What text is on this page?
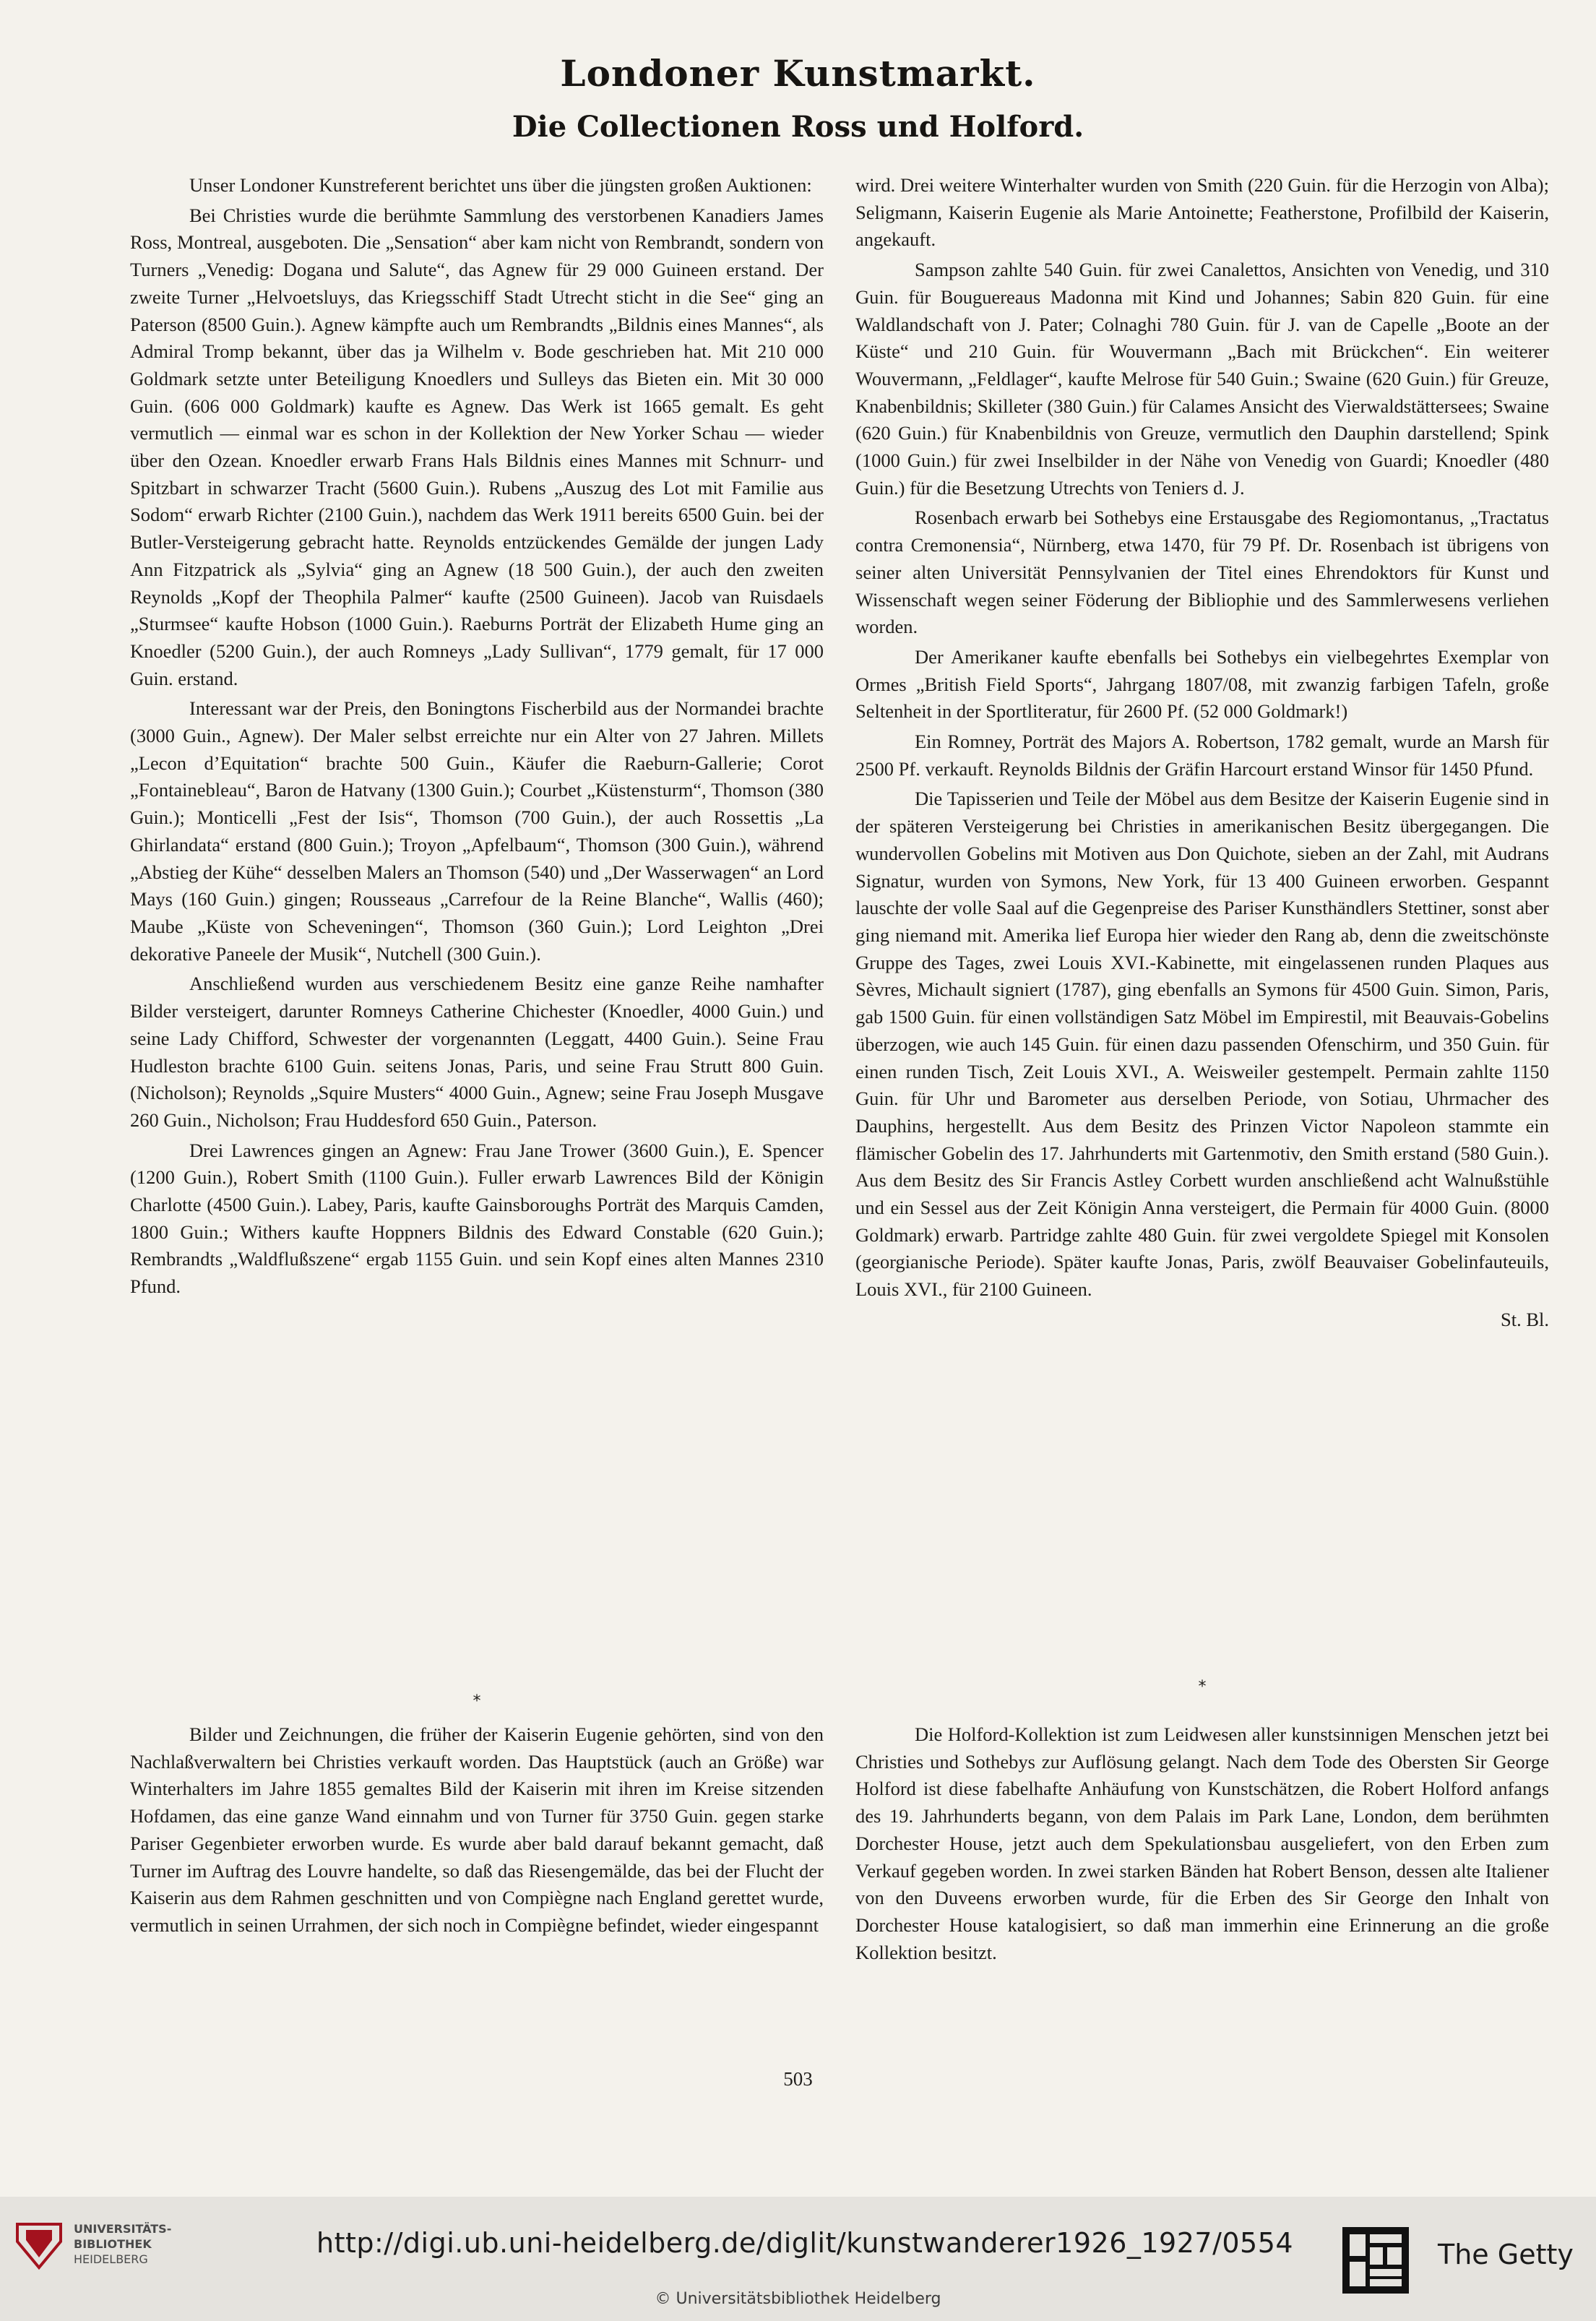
Londoner Kunstmarkt.
Die Collectionen Ross und Holford.

Unser Londoner Kunstreferent berichtet uns über die jüngsten großen Auktionen:

Bei Christies wurde die berühmte Sammlung des verstorbenen Kanadiers James Ross, Montreal, ausgeboten. Die „Sensation“ aber kam nicht von Rembrandt, sondern von Turners „Venedig: Dogana und Salute“, das Agnew für 29 000 Guineen erstand. Der zweite Turner „Helvoetsluys, das Kriegsschiff Stadt Utrecht sticht in die See“ ging an Paterson (8500 Guin.). Agnew kämpfte auch um Rembrandts „Bildnis eines Mannes“, als Admiral Tromp bekannt, über das ja Wilhelm v. Bode geschrieben hat. Mit 210 000 Goldmark setzte unter Beteiligung Knoedlers und Sulleys das Bieten ein. Mit 30 000 Guin. (606 000 Goldmark) kaufte es Agnew. Das Werk ist 1665 gemalt. Es geht vermutlich — einmal war es schon in der Kollektion der New Yorker Schau — wieder über den Ozean. Knoedler erwarb Frans Hals Bildnis eines Mannes mit Schnurr- und Spitzbart in schwarzer Tracht (5600 Guin.). Rubens „Auszug des Lot mit Familie aus Sodom“ erwarb Richter (2100 Guin.), nachdem das Werk 1911 bereits 6500 Guin. bei der Butler-Versteigerung gebracht hatte. Reynolds entzückendes Gemälde der jungen Lady Ann Fitzpatrick als „Sylvia“ ging an Agnew (18 500 Guin.), der auch den zweiten Reynolds „Kopf der Theophila Palmer“ kaufte (2500 Guineen). Jacob van Ruisdaels „Sturmsee“ kaufte Hobson (1000 Guin.). Raeburns Porträt der Elizabeth Hume ging an Knoedler (5200 Guin.), der auch Romneys „Lady Sullivan“, 1779 gemalt, für 17 000 Guin. erstand.

Interessant war der Preis, den Boningtons Fischerbild aus der Normandei brachte (3000 Guin., Agnew). Der Maler selbst erreichte nur ein Alter von 27 Jahren. Millets „Lecon d’Equitation“ brachte 500 Guin., Käufer die Raeburn-Gallerie; Corot „Fontainebleau“, Baron de Hatvany (1300 Guin.); Courbet „Küstensturm“, Thomson (380 Guin.); Monticelli „Fest der Isis“, Thomson (700 Guin.), der auch Rossettis „La Ghirlandata“ erstand (800 Guin.); Troyon „Apfelbaum“, Thomson (300 Guin.), während „Abstieg der Kühe“ desselben Malers an Thomson (540) und „Der Wasserwagen“ an Lord Mays (160 Guin.) gingen; Rousseaus „Carrefour de la Reine Blanche“, Wallis (460); Maube „Küste von Scheveningen“, Thomson (360 Guin.); Lord Leighton „Drei dekorative Paneele der Musik“, Nutchell (300 Guin.).

Anschließend wurden aus verschiedenem Besitz eine ganze Reihe namhafter Bilder versteigert, darunter Romneys Catherine Chichester (Knoedler, 4000 Guin.) und seine Lady Chifford, Schwester der vorgenannten (Leggatt, 4400 Guin.). Seine Frau Hudleston brachte 6100 Guin. seitens Jonas, Paris, und seine Frau Strutt 800 Guin. (Nicholson); Reynolds „Squire Musters“ 4000 Guin., Agnew; seine Frau Joseph Musgave 260 Guin., Nicholson; Frau Huddesford 650 Guin., Paterson.

Drei Lawrences gingen an Agnew: Frau Jane Trower (3600 Guin.), E. Spencer (1200 Guin.), Robert Smith (1100 Guin.). Fuller erwarb Lawrences Bild der Königin Charlotte (4500 Guin.). Labey, Paris, kaufte Gainsboroughs Porträt des Marquis Camden, 1800 Guin.; Withers kaufte Hoppners Bildnis des Edward Constable (620 Guin.); Rembrandts „Waldflußszene“ ergab 1155 Guin. und sein Kopf eines alten Mannes 2310 Pfund.

wird. Drei weitere Winterhalter wurden von Smith (220 Guin. für die Herzogin von Alba); Seligmann, Kaiserin Eugenie als Marie Antoinette; Featherstone, Profilbild der Kaiserin, angekauft.

Sampson zahlte 540 Guin. für zwei Canalettos, Ansichten von Venedig, und 310 Guin. für Bouguereaus Madonna mit Kind und Johannes; Sabin 820 Guin. für eine Waldlandschaft von J. Pater; Colnaghi 780 Guin. für J. van de Capelle „Boote an der Küste“ und 210 Guin. für Wouvermann „Bach mit Brückchen“. Ein weiterer Wouvermann, „Feldlager“, kaufte Melrose für 540 Guin.; Swaine (620 Guin.) für Greuze, Knabenbildnis; Skilleter (380 Guin.) für Calames Ansicht des Vierwaldstättersees; Swaine (620 Guin.) für Knabenbildnis von Greuze, vermutlich den Dauphin darstellend; Spink (1000 Guin.) für zwei Inselbilder in der Nähe von Venedig von Guardi; Knoedler (480 Guin.) für die Besetzung Utrechts von Teniers d. J.

Rosenbach erwarb bei Sothebys eine Erstausgabe des Regiomontanus, „Tractatus contra Cremonensia“, Nürnberg, etwa 1470, für 79 Pf. Dr. Rosenbach ist übrigens von seiner alten Universität Pennsylvanien der Titel eines Ehrendoktors für Kunst und Wissenschaft wegen seiner Föderung der Bibliophie und des Sammlerwesens verliehen worden.

Der Amerikaner kaufte ebenfalls bei Sothebys ein vielbegehrtes Exemplar von Ormes „British Field Sports“, Jahrgang 1807/08, mit zwanzig farbigen Tafeln, große Seltenheit in der Sportliteratur, für 2600 Pf. (52 000 Goldmark!)

Ein Romney, Porträt des Majors A. Robertson, 1782 gemalt, wurde an Marsh für 2500 Pf. verkauft. Reynolds Bildnis der Gräfin Harcourt erstand Winsor für 1450 Pfund.

Die Tapisserien und Teile der Möbel aus dem Besitze der Kaiserin Eugenie sind in der späteren Versteigerung bei Christies in amerikanischen Besitz übergegangen. Die wundervollen Gobelins mit Motiven aus Don Quichote, sieben an der Zahl, mit Audrans Signatur, wurden von Symons, New York, für 13 400 Guineen erworben. Gespannt lauschte der volle Saal auf die Gegenpreise des Pariser Kunsthändlers Stettiner, sonst aber ging niemand mit. Amerika lief Europa hier wieder den Rang ab, denn die zweitschönste Gruppe des Tages, zwei Louis XVI.-Kabinette, mit eingelassenen runden Plaques aus Sèvres, Michault signiert (1787), ging ebenfalls an Symons für 4500 Guin. Simon, Paris, gab 1500 Guin. für einen vollständigen Satz Möbel im Empirestil, mit Beauvais-Gobelins überzogen, wie auch 145 Guin. für einen dazu passenden Ofenschirm, und 350 Guin. für einen runden Tisch, Zeit Louis XVI., A. Weisweiler gestempelt. Permain zahlte 1150 Guin. für Uhr und Barometer aus derselben Periode, von Sotiau, Uhrmacher des Dauphins, hergestellt. Aus dem Besitz des Prinzen Victor Napoleon stammte ein flämischer Gobelin des 17. Jahrhunderts mit Gartenmotiv, den Smith erstand (580 Guin.). Aus dem Besitz des Sir Francis Astley Corbett wurden anschließend acht Walnußstühle und ein Sessel aus der Zeit Königin Anna versteigert, die Permain für 4000 Guin. (8000 Goldmark) erwarb. Partridge zahlte 480 Guin. für zwei vergoldete Spiegel mit Konsolen (georgianische Periode). Später kaufte Jonas, Paris, zwölf Beauvaiser Gobelinfauteuils, Louis XVI., für 2100 Guineen.

St. Bl.

*
*

Bilder und Zeichnungen, die früher der Kaiserin Eugenie gehörten, sind von den Nachlaßverwaltern bei Christies verkauft worden. Das Hauptstück (auch an Größe) war Winterhalters im Jahre 1855 gemaltes Bild der Kaiserin mit ihren im Kreise sitzenden Hofdamen, das eine ganze Wand einnahm und von Turner für 3750 Guin. gegen starke Pariser Gegenbieter erworben wurde. Es wurde aber bald darauf bekannt gemacht, daß Turner im Auftrag des Louvre handelte, so daß das Riesengemälde, das bei der Flucht der Kaiserin aus dem Rahmen geschnitten und von Compiègne nach England gerettet wurde, vermutlich in seinen Urrahmen, der sich noch in Compiègne befindet, wieder eingespannt

Die Holford-Kollektion ist zum Leidwesen aller kunstsinnigen Menschen jetzt bei Christies und Sothebys zur Auflösung gelangt. Nach dem Tode des Obersten Sir George Holford ist diese fabelhafte Anhäufung von Kunstschätzen, die Robert Holford anfangs des 19. Jahrhunderts begann, von dem Palais im Park Lane, London, dem berühmten Dorchester House, jetzt auch dem Spekulationsbau ausgeliefert, von den Erben zum Verkauf gegeben worden. In zwei starken Bänden hat Robert Benson, dessen alte Italiener von den Duveens erworben wurde, für die Erben des Sir George den Inhalt von Dorchester House katalogisiert, so daß man immerhin eine Erinnerung an die große Kollektion besitzt.

503
UNIVERSITÄTS-
BIBLIOTHEK
HEIDELBERG
http://digi.ub.uni-heidelberg.de/diglit/kunstwanderer1926_1927/0554
© Universitätsbibliothek Heidelberg
The Getty
